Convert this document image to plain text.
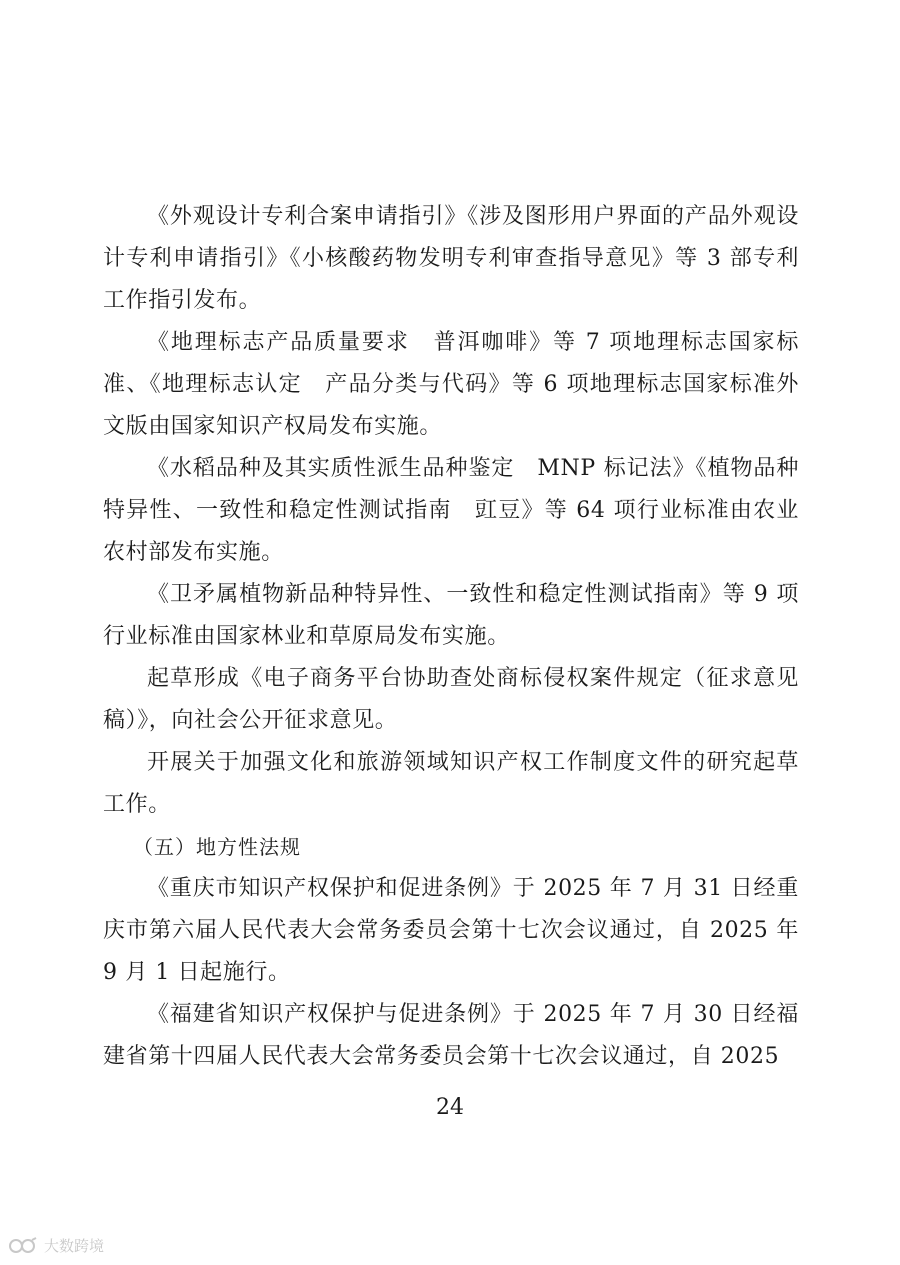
《外观设计专利合案申请指引》《涉及图形用户界面的产品外观设计专利申请指引》《小核酸药物发明专利审查指导意见》等 3 部专利工作指引发布。

《地理标志产品质量要求　普洱咖啡》等 7 项地理标志国家标准、《地理标志认定　产品分类与代码》等 6 项地理标志国家标准外文版由国家知识产权局发布实施。

《水稻品种及其实质性派生品种鉴定　MNP 标记法》《植物品种特异性、一致性和稳定性测试指南　豇豆》等 64 项行业标准由农业农村部发布实施。

《卫矛属植物新品种特异性、一致性和稳定性测试指南》等 9 项行业标准由国家林业和草原局发布实施。

起草形成《电子商务平台协助查处商标侵权案件规定（征求意见稿）》，向社会公开征求意见。

开展关于加强文化和旅游领域知识产权工作制度文件的研究起草工作。

（五）地方性法规

《重庆市知识产权保护和促进条例》于 2025 年 7 月 31 日经重庆市第六届人民代表大会常务委员会第十七次会议通过，自 2025 年 9 月 1 日起施行。

《福建省知识产权保护与促进条例》于 2025 年 7 月 30 日经福建省第十四届人民代表大会常务委员会第十七次会议通过，自 2025

24
大数跨境
